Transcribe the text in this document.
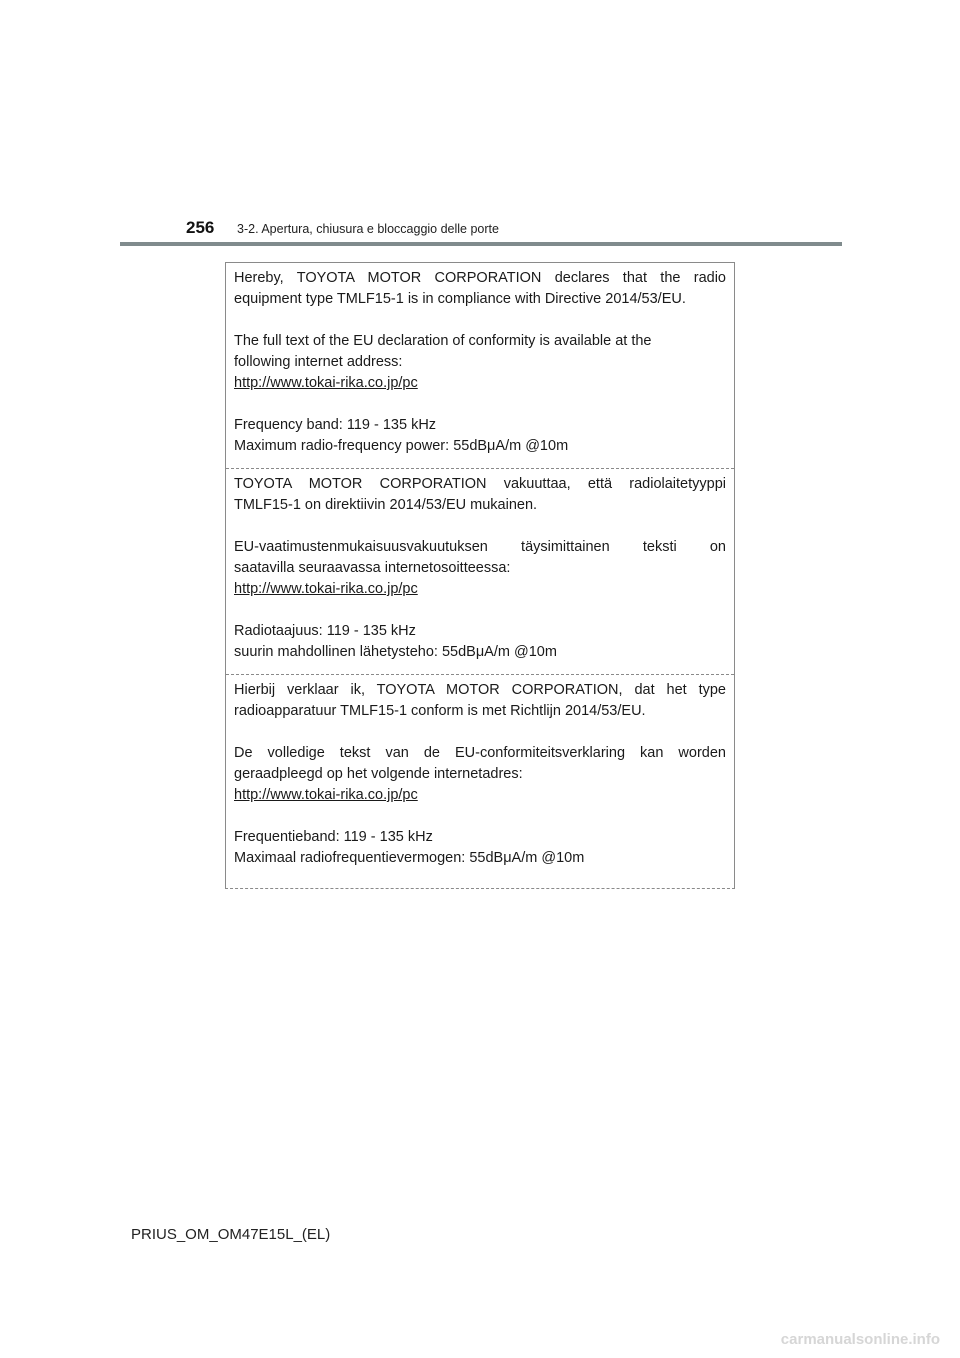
256 3-2. Apertura, chiusura e bloccaggio delle porte
Hereby, TOYOTA MOTOR CORPORATION declares that the radio
equipment type TMLF15-1 is in compliance with Directive 2014/53/EU.
The full text of the EU declaration of conformity is available at the
following internet address:
http://www.tokai-rika.co.jp/pc
Frequency band: 119 - 135 kHz
Maximum radio-frequency power: 55dBμA/m @10m
TOYOTA MOTOR CORPORATION vakuuttaa, että radiolaitetyyppi
TMLF15-1 on direktiivin 2014/53/EU mukainen.
EU-vaatimustenmukaisuusvakuutuksen täysimittainen teksti on
saatavilla seuraavassa internetosoitteessa:
http://www.tokai-rika.co.jp/pc
Radiotaajuus: 119 - 135 kHz
suurin mahdollinen lähetysteho: 55dBμA/m @10m
Hierbij verklaar ik, TOYOTA MOTOR CORPORATION, dat het type
radioapparatuur TMLF15-1 conform is met Richtlijn 2014/53/EU.
De volledige tekst van de EU-conformiteitsverklaring kan worden
geraadpleegd op het volgende internetadres:
http://www.tokai-rika.co.jp/pc
Frequentieband: 119 - 135 kHz
Maximaal radiofrequentievermogen: 55dBμA/m @10m
PRIUS_OM_OM47E15L_(EL)
carmanualsonline.info
